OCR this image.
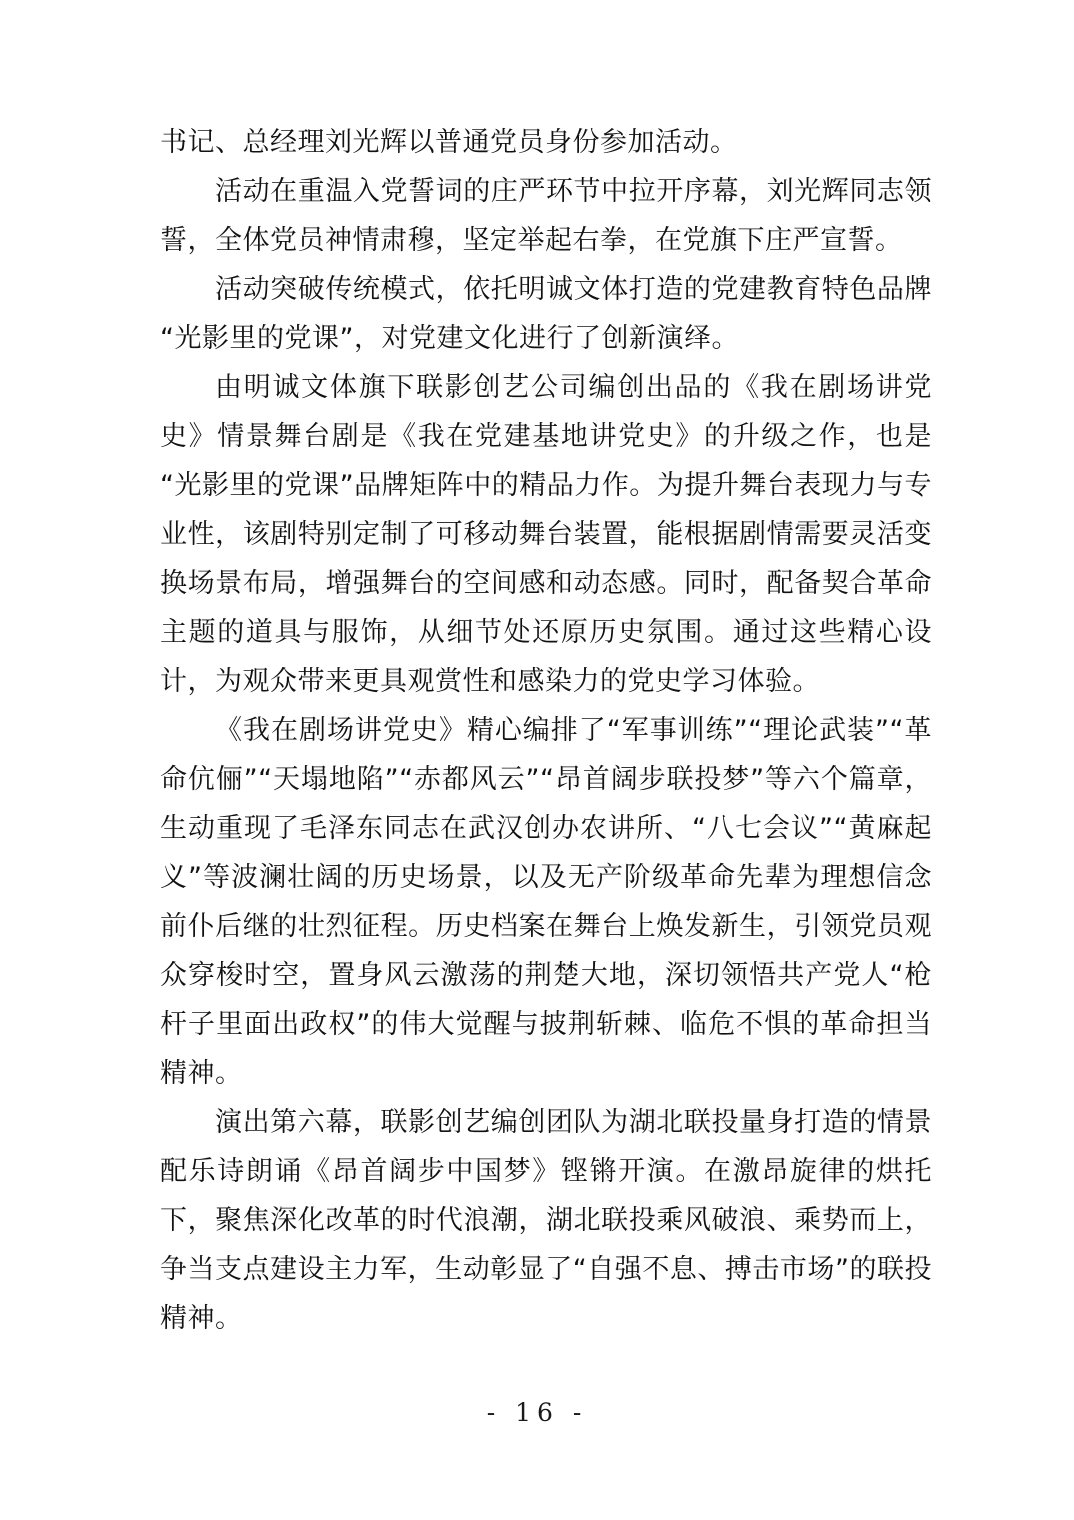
书记、总经理刘光辉以普通党员身份参加活动。

活动在重温入党誓词的庄严环节中拉开序幕，刘光辉同志领誓，全体党员神情肃穆，坚定举起右拳，在党旗下庄严宣誓。

活动突破传统模式，依托明诚文体打造的党建教育特色品牌“光影里的党课”，对党建文化进行了创新演绎。

由明诚文体旗下联影创艺公司编创出品的《我在剧场讲党史》情景舞台剧是《我在党建基地讲党史》的升级之作，也是“光影里的党课”品牌矩阵中的精品力作。为提升舞台表现力与专业性，该剧特别定制了可移动舞台装置，能根据剧情需要灵活变换场景布局，增强舞台的空间感和动态感。同时，配备契合革命主题的道具与服饰，从细节处还原历史氛围。通过这些精心设计，为观众带来更具观赏性和感染力的党史学习体验。

《我在剧场讲党史》精心编排了“军事训练”“理论武装”“革命伉俪”“天塌地陷”“赤都风云”“昂首阔步联投梦”等六个篇章，生动重现了毛泽东同志在武汉创办农讲所、“八七会议”“黄麻起义”等波澜壮阔的历史场景，以及无产阶级革命先辈为理想信念前仆后继的壮烈征程。历史档案在舞台上焕发新生，引领党员观众穿梭时空，置身风云激荡的荆楚大地，深切领悟共产党人“枪杆子里面出政权”的伟大觉醒与披荆斩棘、临危不惧的革命担当精神。

演出第六幕，联影创艺编创团队为湖北联投量身打造的情景配乐诗朗诵《昂首阔步中国梦》铿锵开演。在激昂旋律的烘托下，聚焦深化改革的时代浪潮，湖北联投乘风破浪、乘势而上，争当支点建设主力军，生动彰显了“自强不息、搏击市场”的联投精神。

- 16 -
